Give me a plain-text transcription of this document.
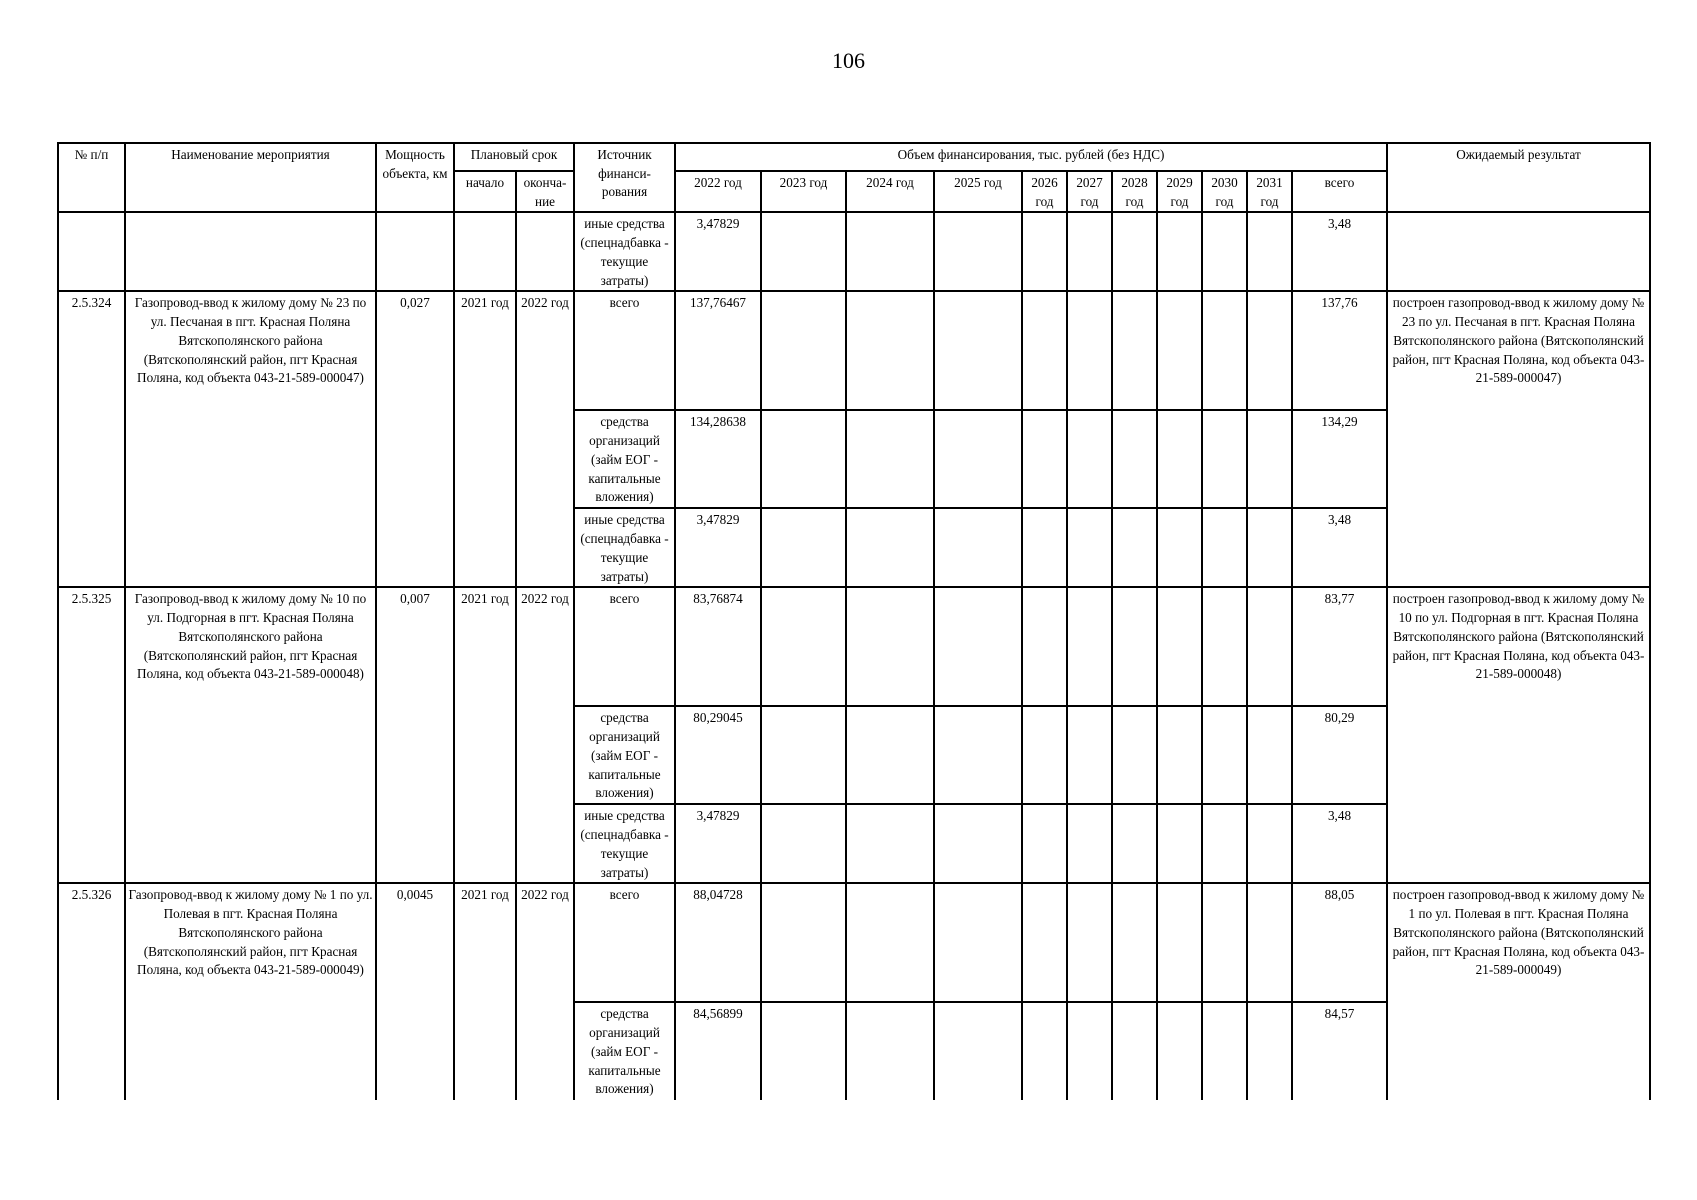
106
№ п/п	Наименование мероприятия	Мощность объекта, км	Плановый срок		Источник финанси-рования	Объем финансирования, тыс. рублей (без НДС)											Ожидаемый результат
			начало	оконча-ние		2022 год	2023 год	2024 год	2025 год	2026 год	2027 год	2028 год	2029 год	2030 год	2031 год	всего	
					иные средства (спецнадбавка - текущие затраты)	3,47829										3,48	
2.5.324	Газопровод-ввод к жилому дому № 23 по ул. Песчаная в пгт. Красная Поляна Вятскополянского района (Вятскополянский район, пгт Красная Поляна, код объекта 043-21-589-000047)	0,027	2021 год	2022 год	всего	137,76467										137,76	построен газопровод-ввод к жилому дому № 23 по ул. Песчаная в пгт. Красная Поляна Вятскополянского района (Вятскополянский район, пгт Красная Поляна, код объекта 043-21-589-000047)
					средства организаций (займ ЕОГ - капитальные вложения)	134,28638										134,29	
					иные средства (спецнадбавка - текущие затраты)	3,47829										3,48	
2.5.325	Газопровод-ввод к жилому дому № 10 по ул. Подгорная в пгт. Красная Поляна Вятскополянского района (Вятскополянский район, пгт Красная Поляна, код объекта 043-21-589-000048)	0,007	2021 год	2022 год	всего	83,76874										83,77	построен газопровод-ввод к жилому дому № 10 по ул. Подгорная в пгт. Красная Поляна Вятскополянского района (Вятскополянский район, пгт Красная Поляна, код объекта 043-21-589-000048)
					средства организаций (займ ЕОГ - капитальные вложения)	80,29045										80,29	
					иные средства (спецнадбавка - текущие затраты)	3,47829										3,48	
2.5.326	Газопровод-ввод к жилому дому № 1 по ул. Полевая в пгт. Красная Поляна Вятскополянского района (Вятскополянский район, пгт Красная Поляна, код объекта 043-21-589-000049)	0,0045	2021 год	2022 год	всего	88,04728										88,05	построен газопровод-ввод к жилому дому № 1 по ул. Полевая в пгт. Красная Поляна Вятскополянского района (Вятскополянский район, пгт Красная Поляна, код объекта 043-21-589-000049)
					средства организаций (займ ЕОГ - капитальные вложения)	84,56899										84,57	
